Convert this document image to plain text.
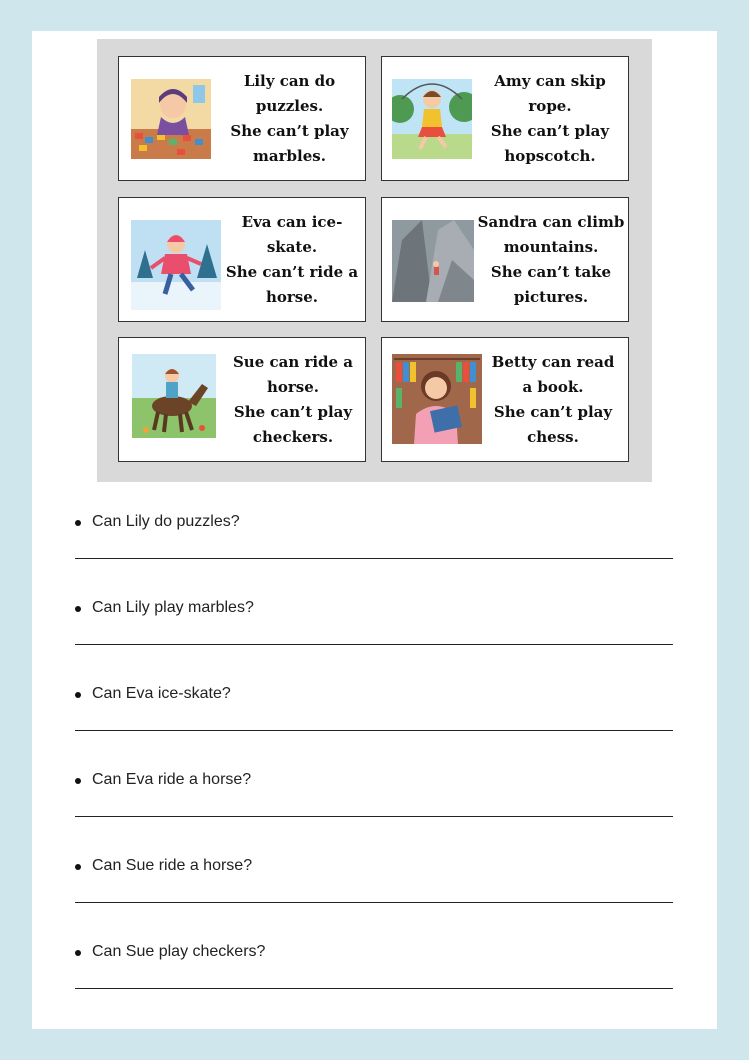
Lily can do puzzles.
She can’t play
marbles.
Amy can skip rope.
She can’t play
hopscotch.
Eva can ice-skate.
She can’t ride a
horse.
Sandra can climb
mountains.
She can’t take
pictures.
Sue can ride a
horse.
She can’t play
checkers.
Betty can read
a book.
She can’t play
chess.
Can Lily do puzzles?
Can Lily play marbles?
Can Eva ice-skate?
Can Eva ride a horse?
Can Sue ride a horse?
Can Sue play checkers?
